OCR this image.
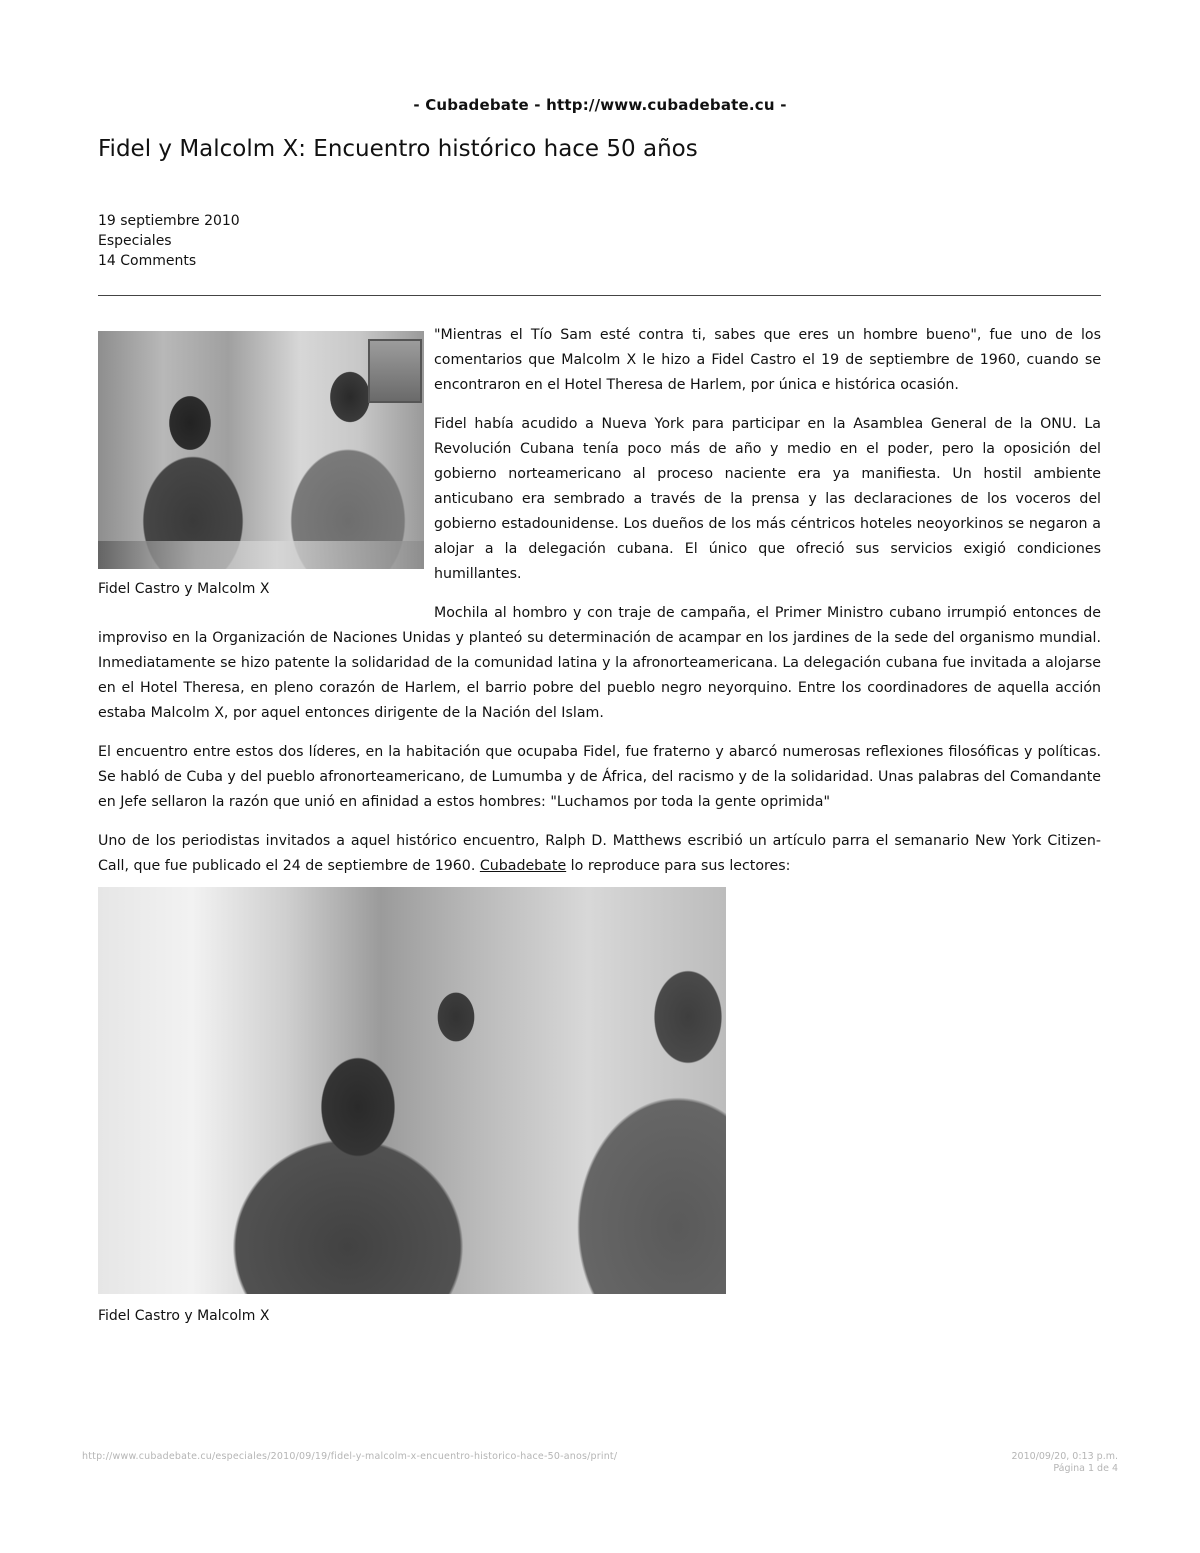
- Cubadebate - http://www.cubadebate.cu -
Fidel y Malcolm X: Encuentro histórico hace 50 años
19 septiembre 2010
Especiales
14 Comments
Fidel Castro y Malcolm X

"Mientras el Tío Sam esté contra ti, sabes que eres un hombre bueno", fue uno de los comentarios que Malcolm X le hizo a Fidel Castro el 19 de septiembre de 1960, cuando se encontraron en el Hotel Theresa de Harlem, por única e histórica ocasión.

Fidel había acudido a Nueva York para participar en la Asamblea General de la ONU. La Revolución Cubana tenía poco más de año y medio en el poder, pero la oposición del gobierno norteamericano al proceso naciente era ya manifiesta. Un hostil ambiente anticubano era sembrado a través de la prensa y las declaraciones de los voceros del gobierno estadounidense. Los dueños de los más céntricos hoteles neoyorkinos se negaron a alojar a la delegación cubana. El único que ofreció sus servicios exigió condiciones humillantes.

Mochila al hombro y con traje de campaña, el Primer Ministro cubano irrumpió entonces de improviso en la Organización de Naciones Unidas y planteó su determinación de acampar en los jardines de la sede del organismo mundial. Inmediatamente se hizo patente la solidaridad de la comunidad latina y la afronorteamericana. La delegación cubana fue invitada a alojarse en el Hotel Theresa, en pleno corazón de Harlem, el barrio pobre del pueblo negro neyorquino. Entre los coordinadores de aquella acción estaba Malcolm X, por aquel entonces dirigente de la Nación del Islam.

El encuentro entre estos dos líderes, en la habitación que ocupaba Fidel, fue fraterno y abarcó numerosas reflexiones filosóficas y políticas. Se habló de Cuba y del pueblo afronorteamericano, de Lumumba y de África, del racismo y de la solidaridad. Unas palabras del Comandante en Jefe sellaron la razón que unió en afinidad a estos hombres: "Luchamos por toda la gente oprimida"

Uno de los periodistas invitados a aquel histórico encuentro, Ralph D. Matthews escribió un artículo parra el semanario New York Citizen-Call, que fue publicado el 24 de septiembre de 1960. Cubadebate lo reproduce para sus lectores:

Fidel Castro y Malcolm X
http://www.cubadebate.cu/especiales/2010/09/19/fidel-y-malcolm-x-encuentro-historico-hace-50-anos/print/	2010/09/20, 0:13 p.m.
Página 1 de 4
